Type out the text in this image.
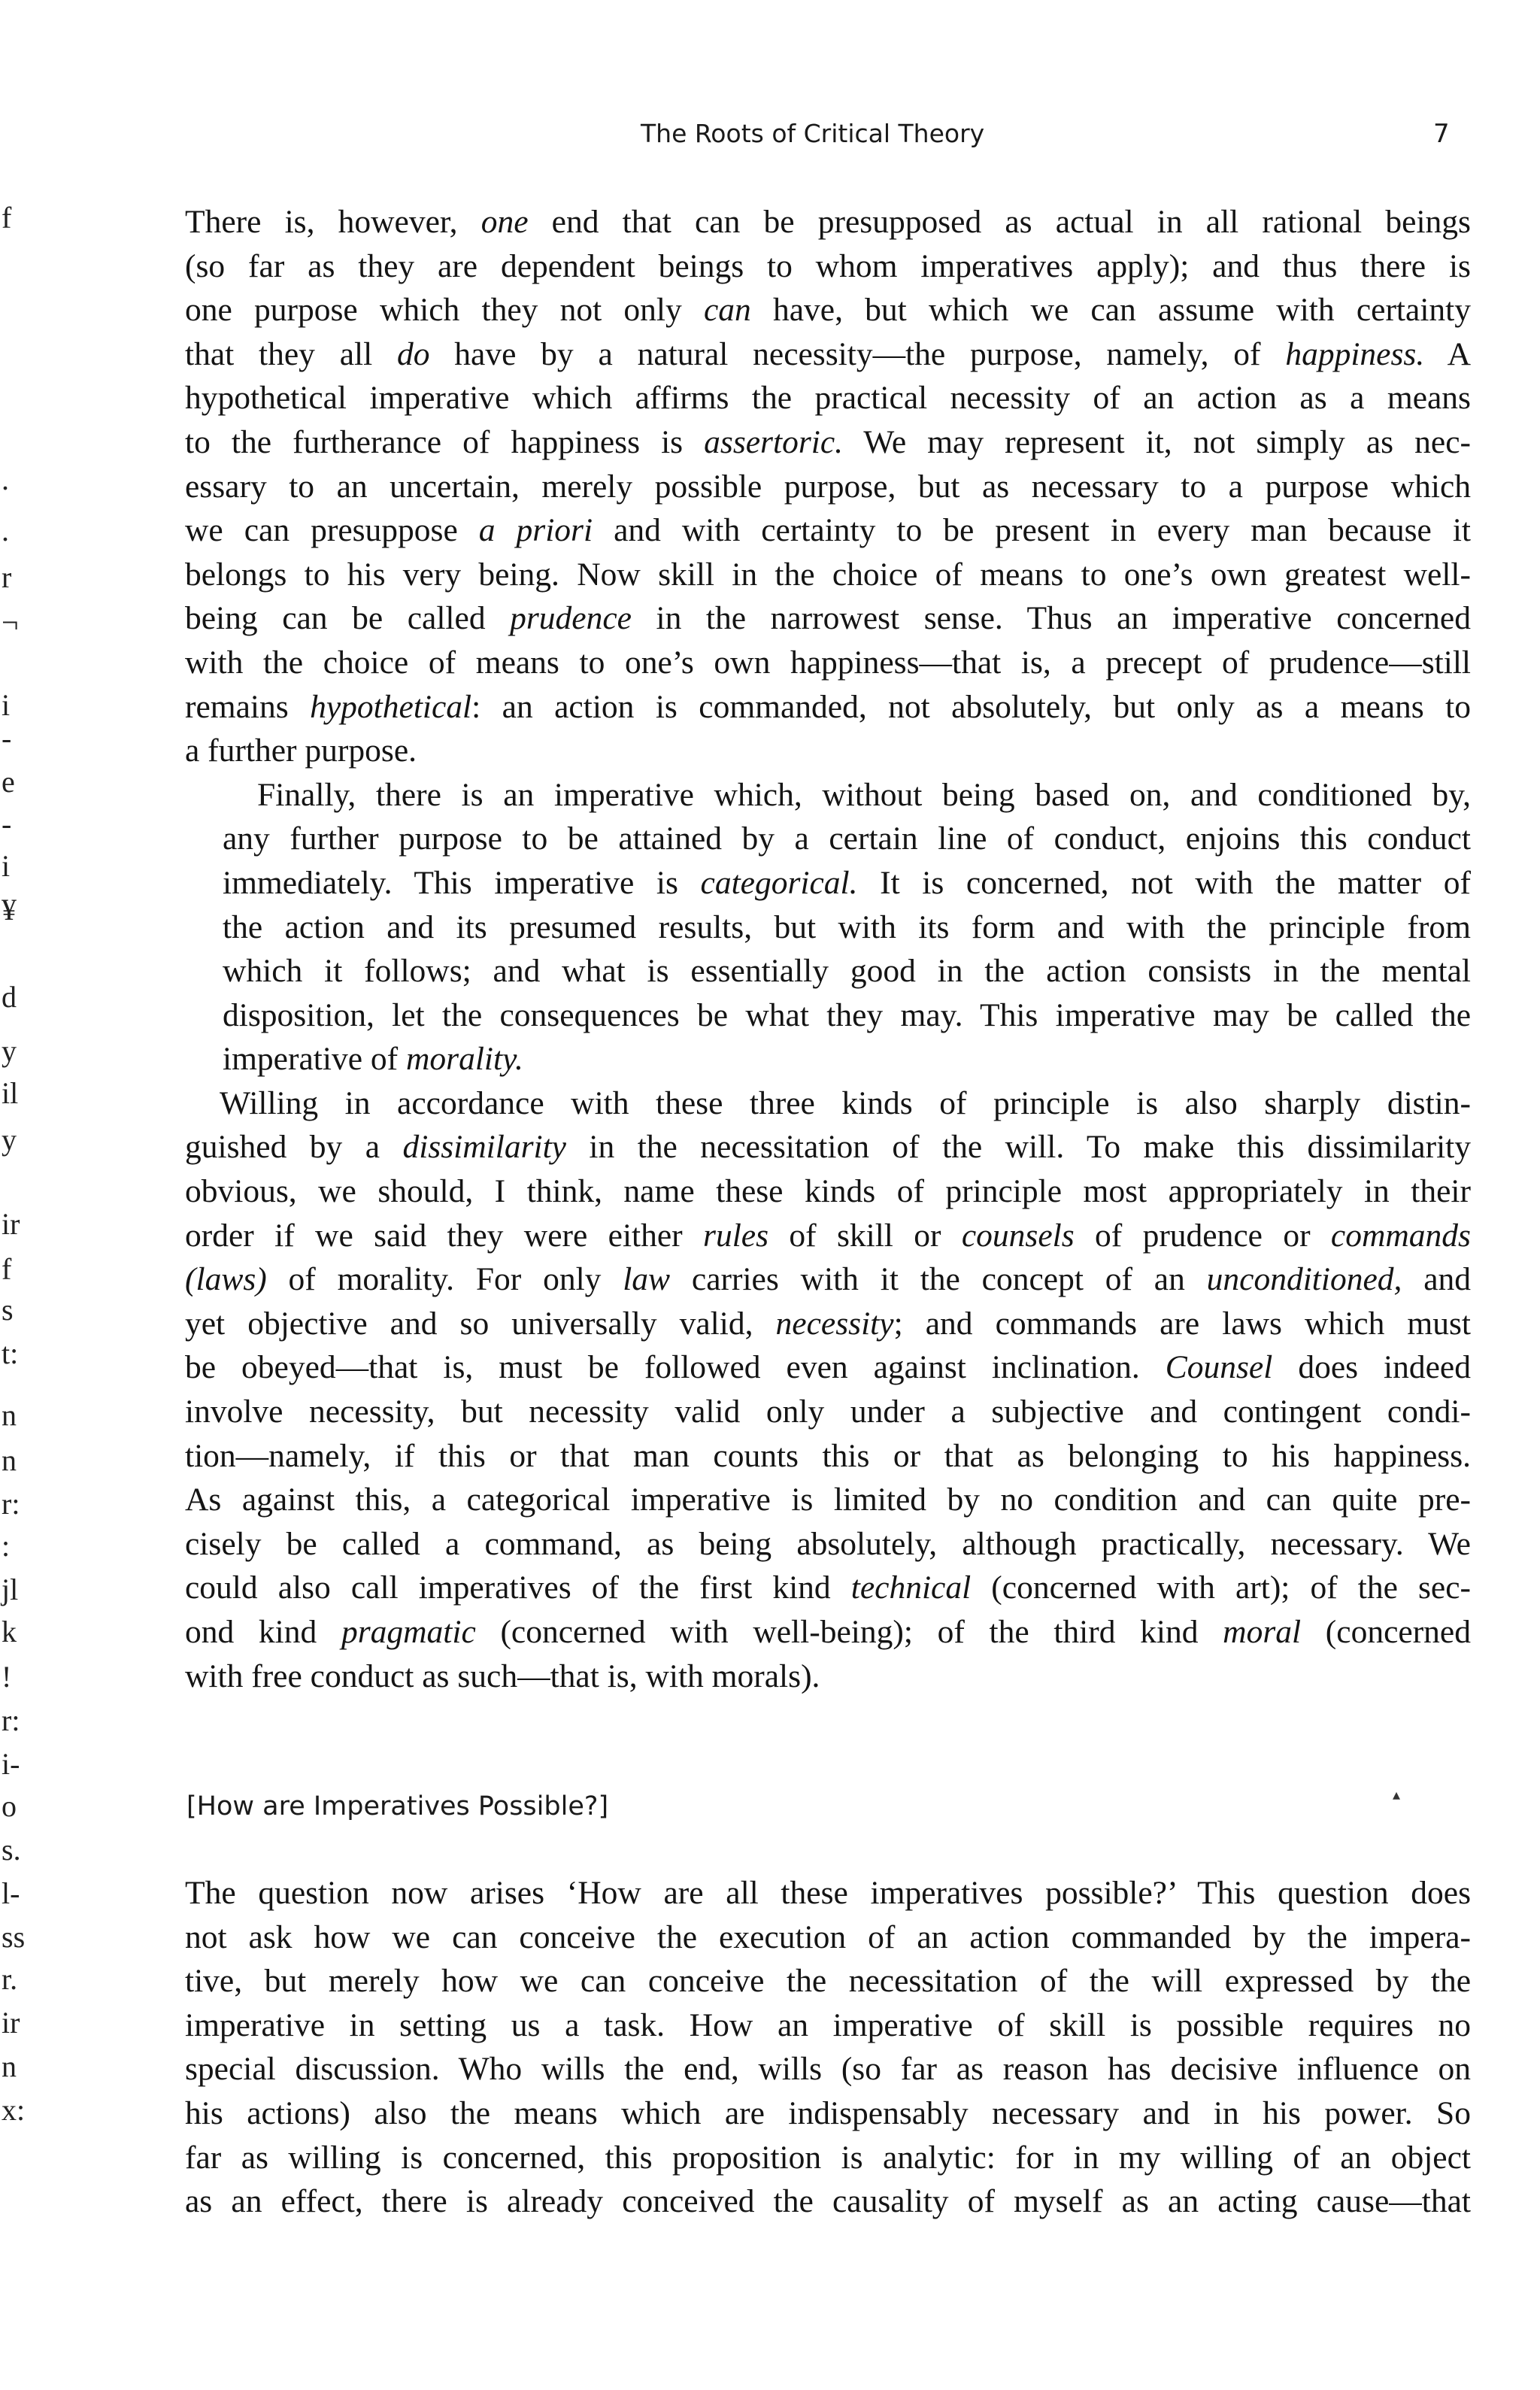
The Roots of Critical Theory	7
f
.
.
r
¬
i
-
e
-
i
¥
d
y
il
y
ir
f
s
t:
n
n
r:
:
jl
k
!
r:
i-
o
s.
l-
ss
r.
ir
n
x:

There is, however, one end that can be presupposed as actual in all rational beings
(so far as they are dependent beings to whom imperatives apply); and thus there is
one purpose which they not only can have, but which we can assume with certainty
that they all do have by a natural necessity—the purpose, namely, of happiness. A
hypothetical imperative which affirms the practical necessity of an action as a means
to the furtherance of happiness is assertoric. We may represent it, not simply as nec-
essary to an uncertain, merely possible purpose, but as necessary to a purpose which
we can presuppose a priori and with certainty to be present in every man because it
belongs to his very being. Now skill in the choice of means to one’s own greatest well-
being can be called prudence in the narrowest sense. Thus an imperative concerned
with the choice of means to one’s own happiness—that is, a precept of prudence—still
remains hypothetical: an action is commanded, not absolutely, but only as a means to
a further purpose.

Finally, there is an imperative which, without being based on, and conditioned by,
any further purpose to be attained by a certain line of conduct, enjoins this conduct
immediately. This imperative is categorical. It is concerned, not with the matter of
the action and its presumed results, but with its form and with the principle from
which it follows; and what is essentially good in the action consists in the mental
disposition, let the consequences be what they may. This imperative may be called the
imperative of morality.

Willing in accordance with these three kinds of principle is also sharply distin-
guished by a dissimilarity in the necessitation of the will. To make this dissimilarity
obvious, we should, I think, name these kinds of principle most appropriately in their
order if we said they were either rules of skill or counsels of prudence or commands
(laws) of morality. For only law carries with it the concept of an unconditioned, and
yet objective and so universally valid, necessity; and commands are laws which must
be obeyed—that is, must be followed even against inclination. Counsel does indeed
involve necessity, but necessity valid only under a subjective and contingent condi-
tion—namely, if this or that man counts this or that as belonging to his happiness.
As against this, a categorical imperative is limited by no condition and can quite pre-
cisely be called a command, as being absolutely, although practically, necessary. We
could also call imperatives of the first kind technical (concerned with art); of the sec-
ond kind pragmatic (concerned with well-being); of the third kind moral (concerned
with free conduct as such—that is, with morals).

[How are Imperatives Possible?]	▴

The question now arises ‘How are all these imperatives possible?’ This question does
not ask how we can conceive the execution of an action commanded by the impera-
tive, but merely how we can conceive the necessitation of the will expressed by the
imperative in setting us a task. How an imperative of skill is possible requires no
special discussion. Who wills the end, wills (so far as reason has decisive influence on
his actions) also the means which are indispensably necessary and in his power. So
far as willing is concerned, this proposition is analytic: for in my willing of an object
as an effect, there is already conceived the causality of myself as an acting cause—that
